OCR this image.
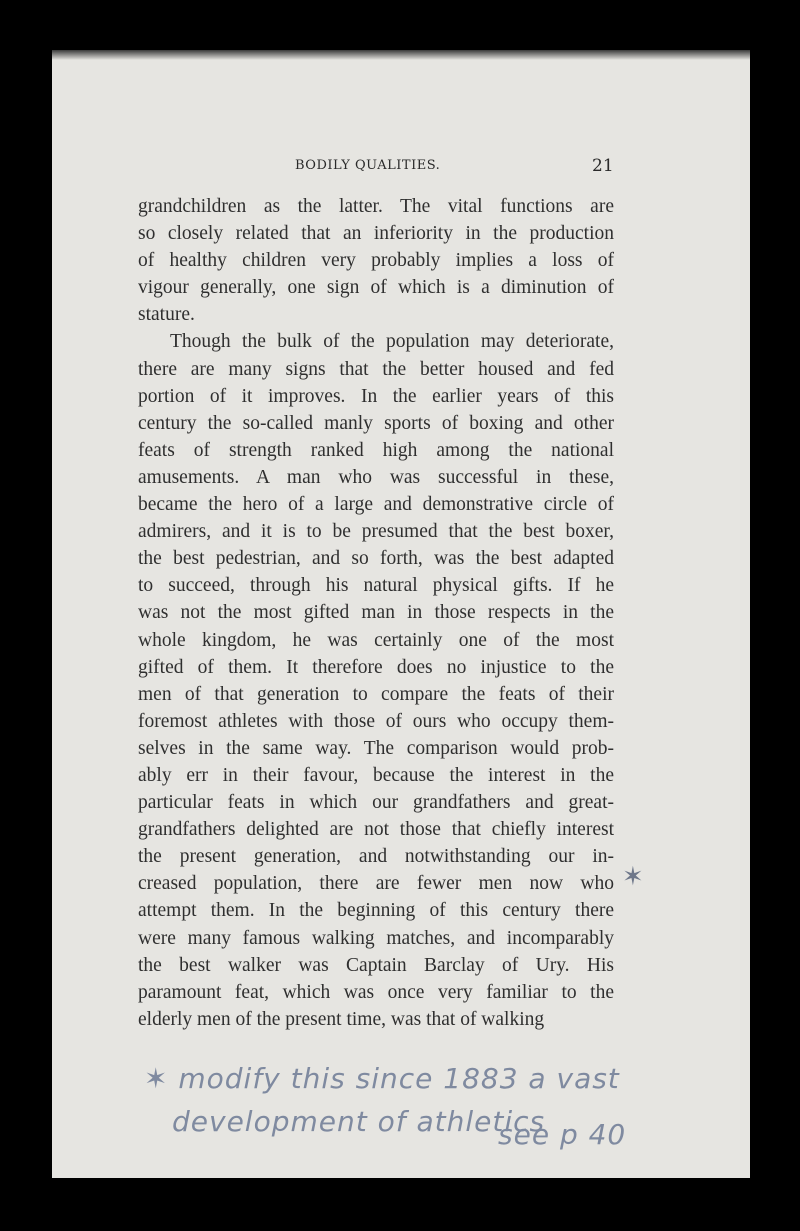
BODILY QUALITIES.	21
grandchildren as the latter. The vital functions are
so closely related that an inferiority in the production
of healthy children very probably implies a loss of
vigour generally, one sign of which is a diminution of
stature.
Though the bulk of the population may deteriorate,
there are many signs that the better housed and fed
portion of it improves. In the earlier years of this
century the so-called manly sports of boxing and other
feats of strength ranked high among the national
amusements. A man who was successful in these,
became the hero of a large and demonstrative circle of
admirers, and it is to be presumed that the best boxer,
the best pedestrian, and so forth, was the best adapted
to succeed, through his natural physical gifts. If he
was not the most gifted man in those respects in the
whole kingdom, he was certainly one of the most
gifted of them. It therefore does no injustice to the
men of that generation to compare the feats of their
foremost athletes with those of ours who occupy them-
selves in the same way. The comparison would prob-
ably err in their favour, because the interest in the
particular feats in which our grandfathers and great-
grandfathers delighted are not those that chiefly interest
the present generation, and notwithstanding our in-
creased population, there are fewer men now who
attempt them. In the beginning of this century there
were many famous walking matches, and incomparably
the best walker was Captain Barclay of Ury. His
paramount feat, which was once very familiar to the
elderly men of the present time, was that of walking
✶
✶ modify this since 1883 a vast
development of athletics
see p 40
